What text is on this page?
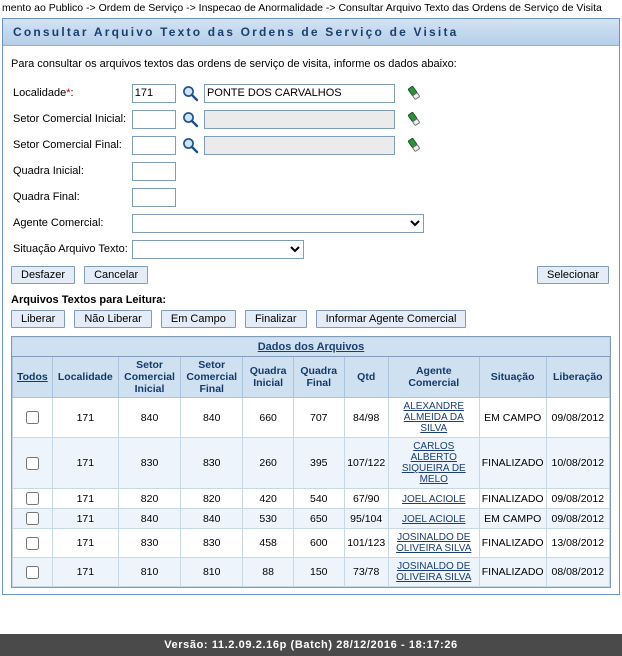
mento ao Publico -> Ordem de Serviço -> Inspecao de Anormalidade -> Consultar Arquivo Texto das Ordens de Serviço de Visita
Consultar Arquivo Texto das Ordens de Serviço de Visita
Para consultar os arquivos textos das ordens de serviço de visita, informe os dados abaixo:
Localidade*:	171	
	PONTE DOS CARVALHOS	

Setor Comercial Inicial:		

Setor Comercial Final:		

Quadra Inicial:	
Quadra Final:	
Agente Comercial:	

Situação Arquivo Texto:	
Desfazer	Cancelar	Selecionar
Arquivos Textos para Leitura:
Liberar	Não Liberar	Em Campo	Finalizar	Informar Agente Comercial
Dados dos Arquivos									
Todos	Localidade	Setor Comercial Inicial	Setor Comercial Final	Quadra Inicial	Quadra Final	Qtd	Agente Comercial	Situação	Liberação
	171	840	840	660	707	84/98	ALEXANDRE ALMEIDA DA SILVA	EM CAMPO	09/08/2012
	171	830	830	260	395	107/122	CARLOS ALBERTO SIQUEIRA DE MELO	FINALIZADO	10/08/2012
	171	820	820	420	540	67/90	JOEL ACIOLE	FINALIZADO	09/08/2012
	171	840	840	530	650	95/104	JOEL ACIOLE	EM CAMPO	09/08/2012
	171	830	830	458	600	101/123	JOSINALDO DE OLIVEIRA SILVA	FINALIZADO	13/08/2012
	171	810	810	88	150	73/78	JOSINALDO DE OLIVEIRA SILVA	FINALIZADO	08/08/2012
Versão: 11.2.09.2.16p (Batch) 28/12/2016 - 18:17:26
